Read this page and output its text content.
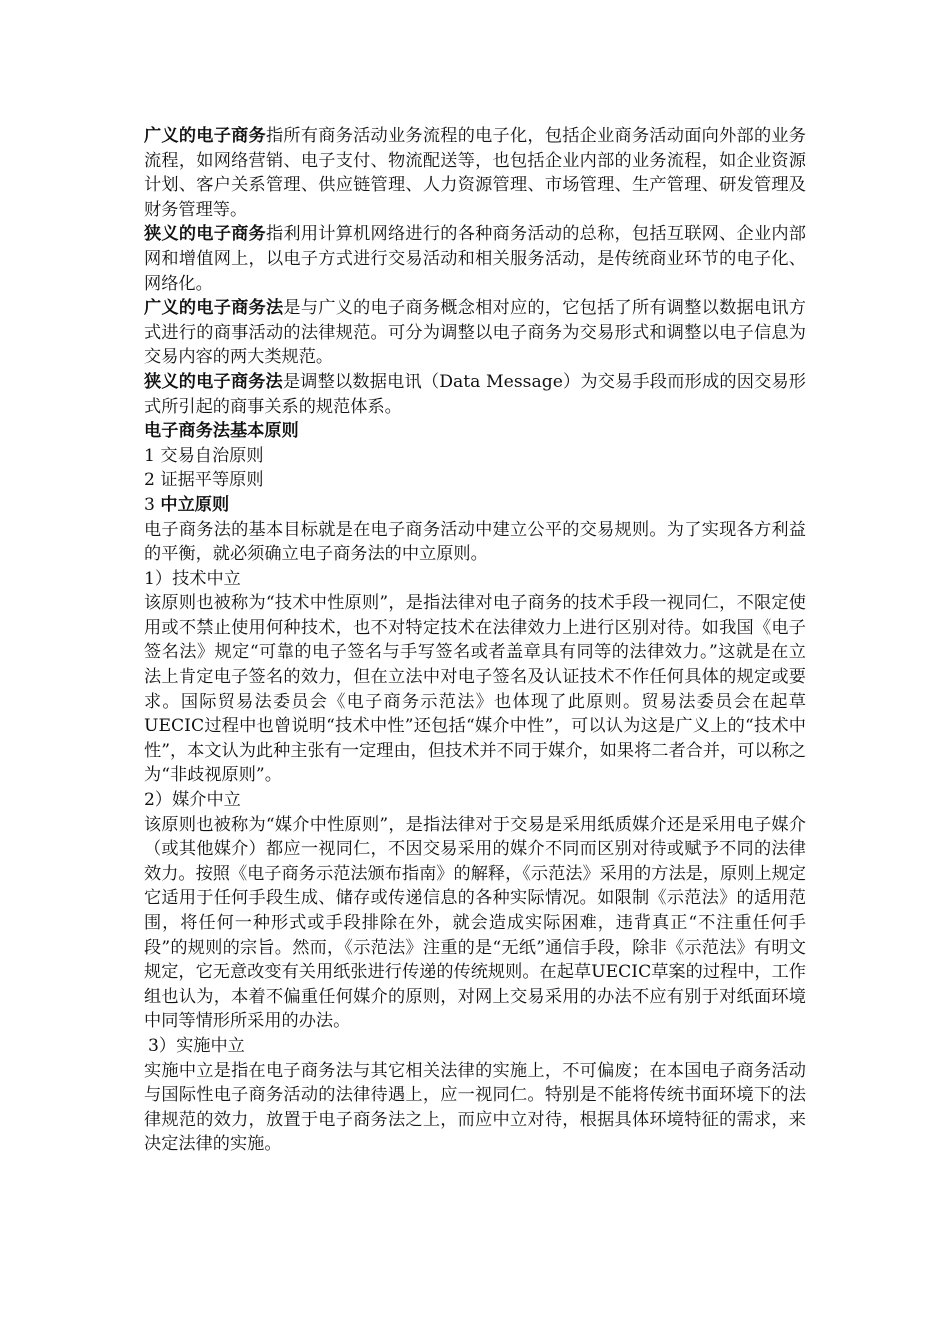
广义的电子商务指所有商务活动业务流程的电子化，包括企业商务活动面向外部的业务流程，如网络营销、电子支付、物流配送等，也包括企业内部的业务流程，如企业资源计划、客户关系管理、供应链管理、人力资源管理、市场管理、生产管理、研发管理及财务管理等。

狭义的电子商务指利用计算机网络进行的各种商务活动的总称，包括互联网、企业内部网和增值网上，以电子方式进行交易活动和相关服务活动，是传统商业环节的电子化、网络化。

广义的电子商务法是与广义的电子商务概念相对应的，它包括了所有调整以数据电讯方式进行的商事活动的法律规范。可分为调整以电子商务为交易形式和调整以电子信息为交易内容的两大类规范。

狭义的电子商务法是调整以数据电讯（Data Message）为交易手段而形成的因交易形式所引起的商事关系的规范体系。

电子商务法基本原则

1 交易自治原则

2 证据平等原则

3 中立原则

电子商务法的基本目标就是在电子商务活动中建立公平的交易规则。为了实现各方利益的平衡，就必须确立电子商务法的中立原则。

1）技术中立

该原则也被称为“技术中性原则”，是指法律对电子商务的技术手段一视同仁，不限定使用或不禁止使用何种技术，也不对特定技术在法律效力上进行区别对待。如我国《电子签名法》规定“可靠的电子签名与手写签名或者盖章具有同等的法律效力。”这就是在立法上肯定电子签名的效力，但在立法中对电子签名及认证技术不作任何具体的规定或要求。国际贸易法委员会《电子商务示范法》也体现了此原则。贸易法委员会在起草UECIC过程中也曾说明“技术中性”还包括“媒介中性”，可以认为这是广义上的“技术中性”，本文认为此种主张有一定理由，但技术并不同于媒介，如果将二者合并，可以称之为“非歧视原则”。

2）媒介中立

该原则也被称为“媒介中性原则”，是指法律对于交易是采用纸质媒介还是采用电子媒介（或其他媒介）都应一视同仁，不因交易采用的媒介不同而区别对待或赋予不同的法律效力。按照《电子商务示范法颁布指南》的解释，《示范法》采用的方法是，原则上规定它适用于任何手段生成、储存或传递信息的各种实际情况。如限制《示范法》的适用范围，将任何一种形式或手段排除在外，就会造成实际困难，违背真正“不注重任何手段”的规则的宗旨。然而，《示范法》注重的是“无纸”通信手段，除非《示范法》有明文规定，它无意改变有关用纸张进行传递的传统规则。在起草UECIC草案的过程中，工作组也认为，本着不偏重任何媒介的原则，对网上交易采用的办法不应有别于对纸面环境中同等情形所采用的办法。

3）实施中立

实施中立是指在电子商务法与其它相关法律的实施上，不可偏废；在本国电子商务活动与国际性电子商务活动的法律待遇上，应一视同仁。特别是不能将传统书面环境下的法律规范的效力，放置于电子商务法之上，而应中立对待，根据具体环境特征的需求，来决定法律的实施。
